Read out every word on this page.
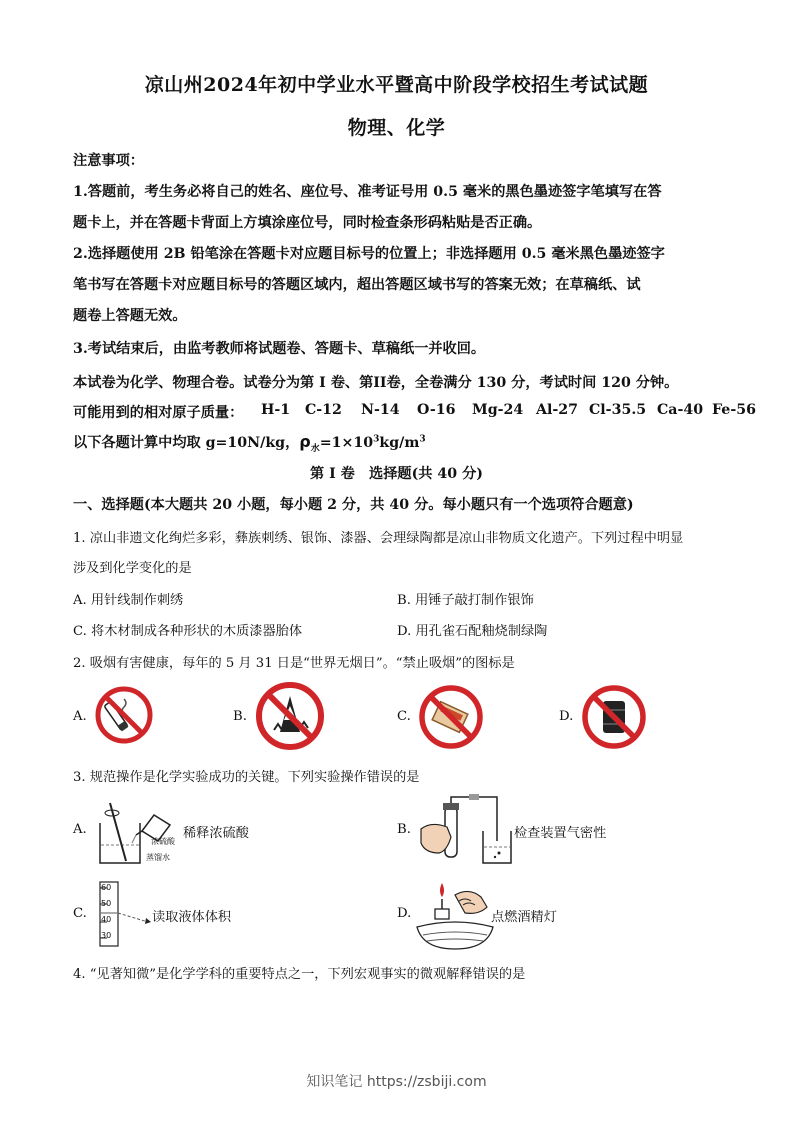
凉山州2024年初中学业水平暨高中阶段学校招生考试试题
物理、化学
注意事项：
1.答题前，考生务必将自己的姓名、座位号、准考证号用 0.5 毫米的黑色墨迹签字笔填写在答
题卡上，并在答题卡背面上方填涂座位号，同时检查条形码粘贴是否正确。
2.选择题使用 2B 铅笔涂在答题卡对应题目标号的位置上；非选择题用 0.5 毫米黑色墨迹签字
笔书写在答题卡对应题目标号的答题区域内，超出答题区域书写的答案无效；在草稿纸、试
题卷上答题无效。
3.考试结束后，由监考教师将试题卷、答题卡、草稿纸一并收回。
本试卷为化学、物理合卷。试卷分为第 I 卷、第II卷，全卷满分 130 分，考试时间 120 分钟。
可能用到的相对原子质量： H-1 C-12 N-14 O-16 Mg-24 Al-27 Cl-35.5 Ca-40 Fe-56
以下各题计算中均取 g=10N/kg，$\rho_水=1\times 10^3kg/m^3$
第 I 卷　选择题(共 40 分)
一、选择题(本大题共 20 小题，每小题 2 分，共 40 分。每小题只有一个选项符合题意)
1. 凉山非遗文化绚烂多彩，彝族刺绣、银饰、漆器、会理绿陶都是凉山非物质文化遗产。下列过程中明显
涉及到化学变化的是
A. 用针线制作刺绣	B. 用锤子敲打制作银饰
C. 将木材制成各种形状的木质漆器胎体	D. 用孔雀石配釉烧制绿陶
2. 吸烟有害健康，每年的 5 月 31 日是“世界无烟日”。“禁止吸烟”的图标是
A.	B.	C.	D.
3. 规范操作是化学实验成功的关键。下列实验操作错误的是
A.
浓硫酸
蒸馏水
稀释浓硫酸	B.	检查装置气密性
C.
60
50
40
30
读取液体体积	D.	点燃酒精灯
4. “见著知微”是化学学科的重要特点之一，下列宏观事实的微观解释错误的是
知识笔记 https://zsbiji.com
